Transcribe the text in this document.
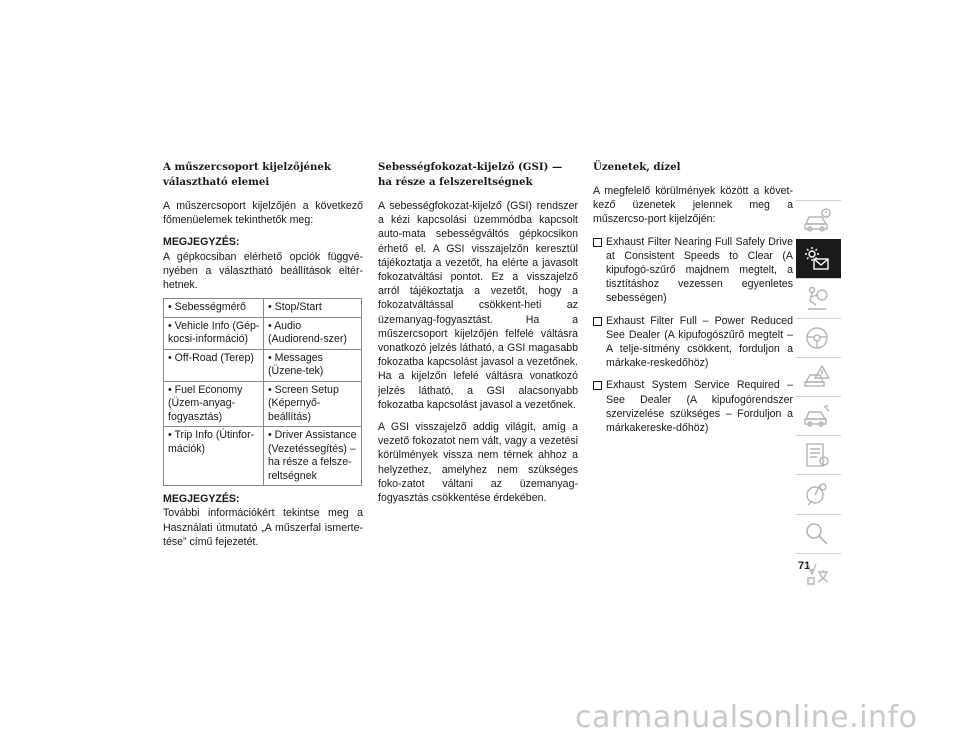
A műszercsoport kijelzőjének választható elemei
A műszercsoport kijelzőjén a következő főmenüelemek tekinthetők meg:
MEGJEGYZÉS:
A gépkocsiban elérhető opciók függvé-nyében a választható beállítások eltér-hetnek.
• Sebességmérő	• Stop/Start
• Vehicle Info (Gép-kocsi-információ)	• Audio (Audiorend-szer)
• Off-Road (Terep)	• Messages (Üzene-tek)
• Fuel Economy (Üzem-anyag-fogyasztás)	• Screen Setup (Képernyő-beállítás)
• Trip Info (Útinfor-mációk)	• Driver Assistance (Vezetéssegítés) – ha része a felsze-reltségnek
MEGJEGYZÉS:
További információkért tekintse meg a Használati útmutató „A műszerfal ismerte-tése” című fejezetét.
Sebességfokozat-kijelző (GSI) — ha része a felszereltségnek
A sebességfokozat-kijelző (GSI) rendszer a kézi kapcsolási üzemmódba kapcsolt auto-mata sebességváltós gépkocsikon érhető el. A GSI visszajelzőn keresztül tájékoztatja a vezetőt, ha elérte a javasolt fokozatváltási pontot. Ez a visszajelző arról tájékoztatja a vezetőt, hogy a fokozatváltással csökkent-heti az üzemanyag-fogyasztást. Ha a műszercsoport kijelzőjén felfelé váltásra vonatkozó jelzés látható, a GSI magasabb fokozatba kapcsolást javasol a vezetőnek. Ha a kijelzőn lefelé váltásra vonatkozó jelzés látható, a GSI alacsonyabb fokozatba kapcsolást javasol a vezetőnek.
A GSI visszajelző addig világít, amíg a vezető fokozatot nem vált, vagy a vezetési körülmények vissza nem térnek ahhoz a helyzethez, amelyhez nem szükséges foko-zatot váltani az üzemanyag-fogyasztás csökkentése érdekében.
Üzenetek, dízel
A megfelelő körülmények között a követ-kező üzenetek jelennek meg a műszercso-port kijelzőjén:
Exhaust Filter Nearing Full Safely Drive at Consistent Speeds to Clear (A kipufogó-szűrő majdnem megtelt, a tisztításhoz vezessen egyenletes sebességen)
Exhaust Filter Full – Power Reduced See Dealer (A kipufogószűrő megtelt – A telje-sítmény csökkent, forduljon a márkake-reskedőhöz)
Exhaust System Service Required – See Dealer (A kipufogórendszer szervizelése szükséges – Forduljon a márkakereske-dőhöz)
71
carmanualsonline.info
